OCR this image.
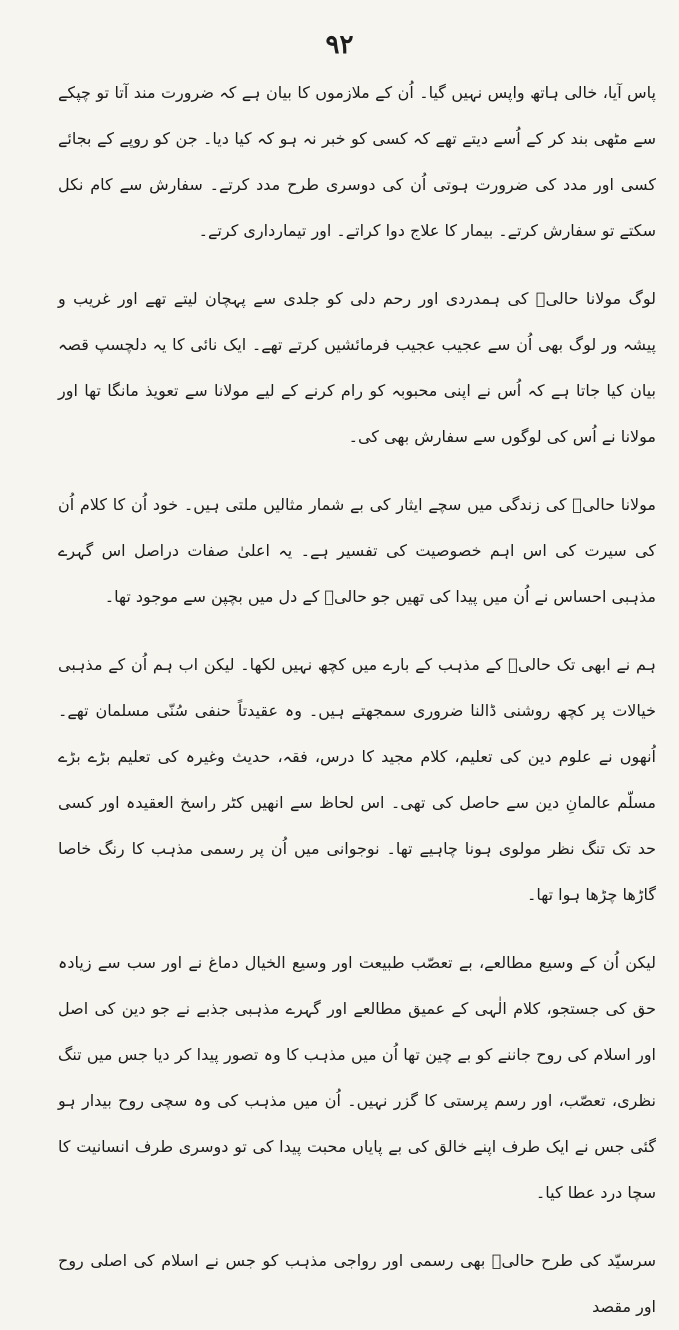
۹۲

پاس آیا، خالی ہاتھ واپس نہیں گیا۔ اُن کے ملازموں کا بیان ہے کہ ضرورت مند آتا تو چپکے سے مٹھی بند کر کے اُسے دیتے تھے کہ کسی کو خبر نہ ہو کہ کیا دیا۔ جن کو روپے کے بجائے کسی اور مدد کی ضرورت ہوتی اُن کی دوسری طرح مدد کرتے۔ سفارش سے کام نکل سکتے تو سفارش کرتے۔ بیمار کا علاج دوا کراتے۔ اور تیمارداری کرتے۔

لوگ مولانا حالیؔ کی ہمدردی اور رحم دلی کو جلدی سے پہچان لیتے تھے اور غریب و پیشہ ور لوگ بھی اُن سے عجیب عجیب فرمائشیں کرتے تھے۔ ایک نائی کا یہ دلچسپ قصہ بیان کیا جاتا ہے کہ اُس نے اپنی محبوبہ کو رام کرنے کے لیے مولانا سے تعویذ مانگا تھا اور مولانا نے اُس کی لوگوں سے سفارش بھی کی۔

مولانا حالیؔ کی زندگی میں سچے ایثار کی بے شمار مثالیں ملتی ہیں۔ خود اُن کا کلام اُن کی سیرت کی اس اہم خصوصیت کی تفسیر ہے۔ یہ اعلیٰ صفات دراصل اس گہرے مذہبی احساس نے اُن میں پیدا کی تھیں جو حالیؔ کے دل میں بچپن سے موجود تھا۔

ہم نے ابھی تک حالیؔ کے مذہب کے بارے میں کچھ نہیں لکھا۔ لیکن اب ہم اُن کے مذہبی خیالات پر کچھ روشنی ڈالنا ضروری سمجھتے ہیں۔ وہ عقیدتاً حنفی سُنّی مسلمان تھے۔ اُنھوں نے علوم دین کی تعلیم، کلام مجید کا درس، فقہ، حدیث وغیرہ کی تعلیم بڑے بڑے مسلّم عالمانِ دین سے حاصل کی تھی۔ اس لحاظ سے انھیں کٹر راسخ العقیدہ اور کسی حد تک تنگ نظر مولوی ہونا چاہیے تھا۔ نوجوانی میں اُن پر رسمی مذہب کا رنگ خاصا گاڑھا چڑھا ہوا تھا۔

لیکن اُن کے وسیع مطالعے، بے تعصّب طبیعت اور وسیع الخیال دماغ نے اور سب سے زیادہ حق کی جستجو، کلام الٰہی کے عمیق مطالعے اور گہرے مذہبی جذبے نے جو دین کی اصل اور اسلام کی روح جاننے کو بے چین تھا اُن میں مذہب کا وہ تصور پیدا کر دیا جس میں تنگ نظری، تعصّب، اور رسم پرستی کا گزر نہیں۔ اُن میں مذہب کی وہ سچی روح بیدار ہو گئی جس نے ایک طرف اپنے خالق کی بے پایاں محبت پیدا کی تو دوسری طرف انسانیت کا سچا درد عطا کیا۔

سرسیّد کی طرح حالیؔ بھی رسمی اور رواجی مذہب کو جس نے اسلام کی اصلی روح اور مقصد
